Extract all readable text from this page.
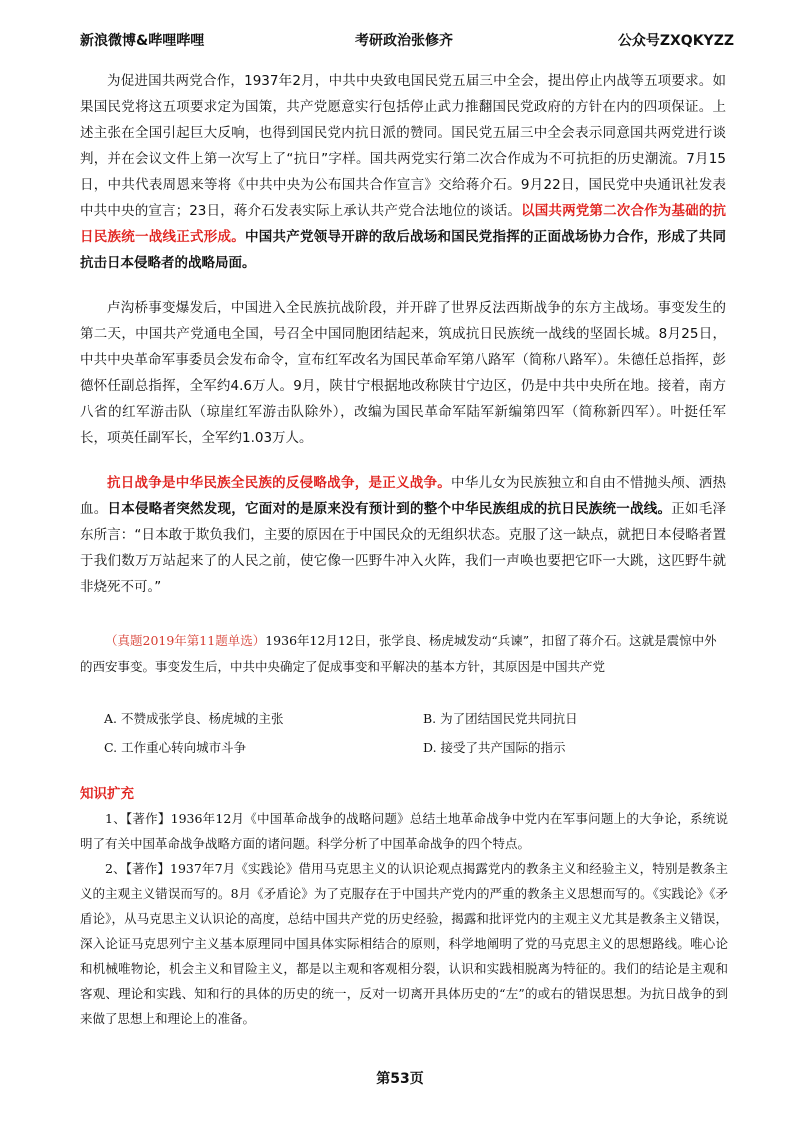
新浪微博&哔哩哔哩	考研政治张修齐	公众号ZXQKYZZ
为促进国共两党合作，1937年2月，中共中央致电国民党五届三中全会，提出停止内战等五项要求。如果国民党将这五项要求定为国策，共产党愿意实行包括停止武力推翻国民党政府的方针在内的四项保证。上述主张在全国引起巨大反响，也得到国民党内抗日派的赞同。国民党五届三中全会表示同意国共两党进行谈判，并在会议文件上第一次写上了“抗日”字样。国共两党实行第二次合作成为不可抗拒的历史潮流。7月15日，中共代表周恩来等将《中共中央为公布国共合作宣言》交给蒋介石。9月22日，国民党中央通讯社发表中共中央的宣言；23日，蒋介石发表实际上承认共产党合法地位的谈话。以国共两党第二次合作为基础的抗日民族统一战线正式形成。中国共产党领导开辟的敌后战场和国民党指挥的正面战场协力合作，形成了共同抗击日本侵略者的战略局面。
卢沟桥事变爆发后，中国进入全民族抗战阶段，并开辟了世界反法西斯战争的东方主战场。事变发生的第二天，中国共产党通电全国，号召全中国同胞团结起来，筑成抗日民族统一战线的坚固长城。8月25日，中共中央革命军事委员会发布命令，宣布红军改名为国民革命军第八路军（简称八路军）。朱德任总指挥，彭德怀任副总指挥，全军约4.6万人。9月，陕甘宁根据地改称陕甘宁边区，仍是中共中央所在地。接着，南方八省的红军游击队（琼崖红军游击队除外），改编为国民革命军陆军新编第四军（简称新四军）。叶挺任军长，项英任副军长，全军约1.03万人。
抗日战争是中华民族全民族的反侵略战争，是正义战争。中华儿女为民族独立和自由不惜抛头颅、洒热血。日本侵略者突然发现，它面对的是原来没有预计到的整个中华民族组成的抗日民族统一战线。正如毛泽东所言：“日本敢于欺负我们，主要的原因在于中国民众的无组织状态。克服了这一缺点，就把日本侵略者置于我们数万万站起来了的人民之前，使它像一匹野牛冲入火阵，我们一声唤也要把它吓一大跳，这匹野牛就非烧死不可。”
（真题2019年第11题单选）1936年12月12日，张学良、杨虎城发动“兵谏”，扣留了蒋介石。这就是震惊中外的西安事变。事变发生后，中共中央确定了促成事变和平解决的基本方针，其原因是中国共产党
A. 不赞成张学良、杨虎城的主张	B. 为了团结国民党共同抗日
C. 工作重心转向城市斗争	D. 接受了共产国际的指示
知识扩充
1、【著作】1936年12月《中国革命战争的战略问题》总结土地革命战争中党内在军事问题上的大争论，系统说明了有关中国革命战争战略方面的诸问题。科学分析了中国革命战争的四个特点。
2、【著作】1937年7月《实践论》借用马克思主义的认识论观点揭露党内的教条主义和经验主义，特别是教条主义的主观主义错误而写的。8月《矛盾论》为了克服存在于中国共产党内的严重的教条主义思想而写的。《实践论》《矛盾论》，从马克思主义认识论的高度，总结中国共产党的历史经验，揭露和批评党内的主观主义尤其是教条主义错误，深入论证马克思列宁主义基本原理同中国具体实际相结合的原则，科学地阐明了党的马克思主义的思想路线。唯心论和机械唯物论，机会主义和冒险主义，都是以主观和客观相分裂，认识和实践相脱离为特征的。我们的结论是主观和客观、理论和实践、知和行的具体的历史的统一，反对一切离开具体历史的“左”的或右的错误思想。为抗日战争的到来做了思想上和理论上的准备。
第53页
